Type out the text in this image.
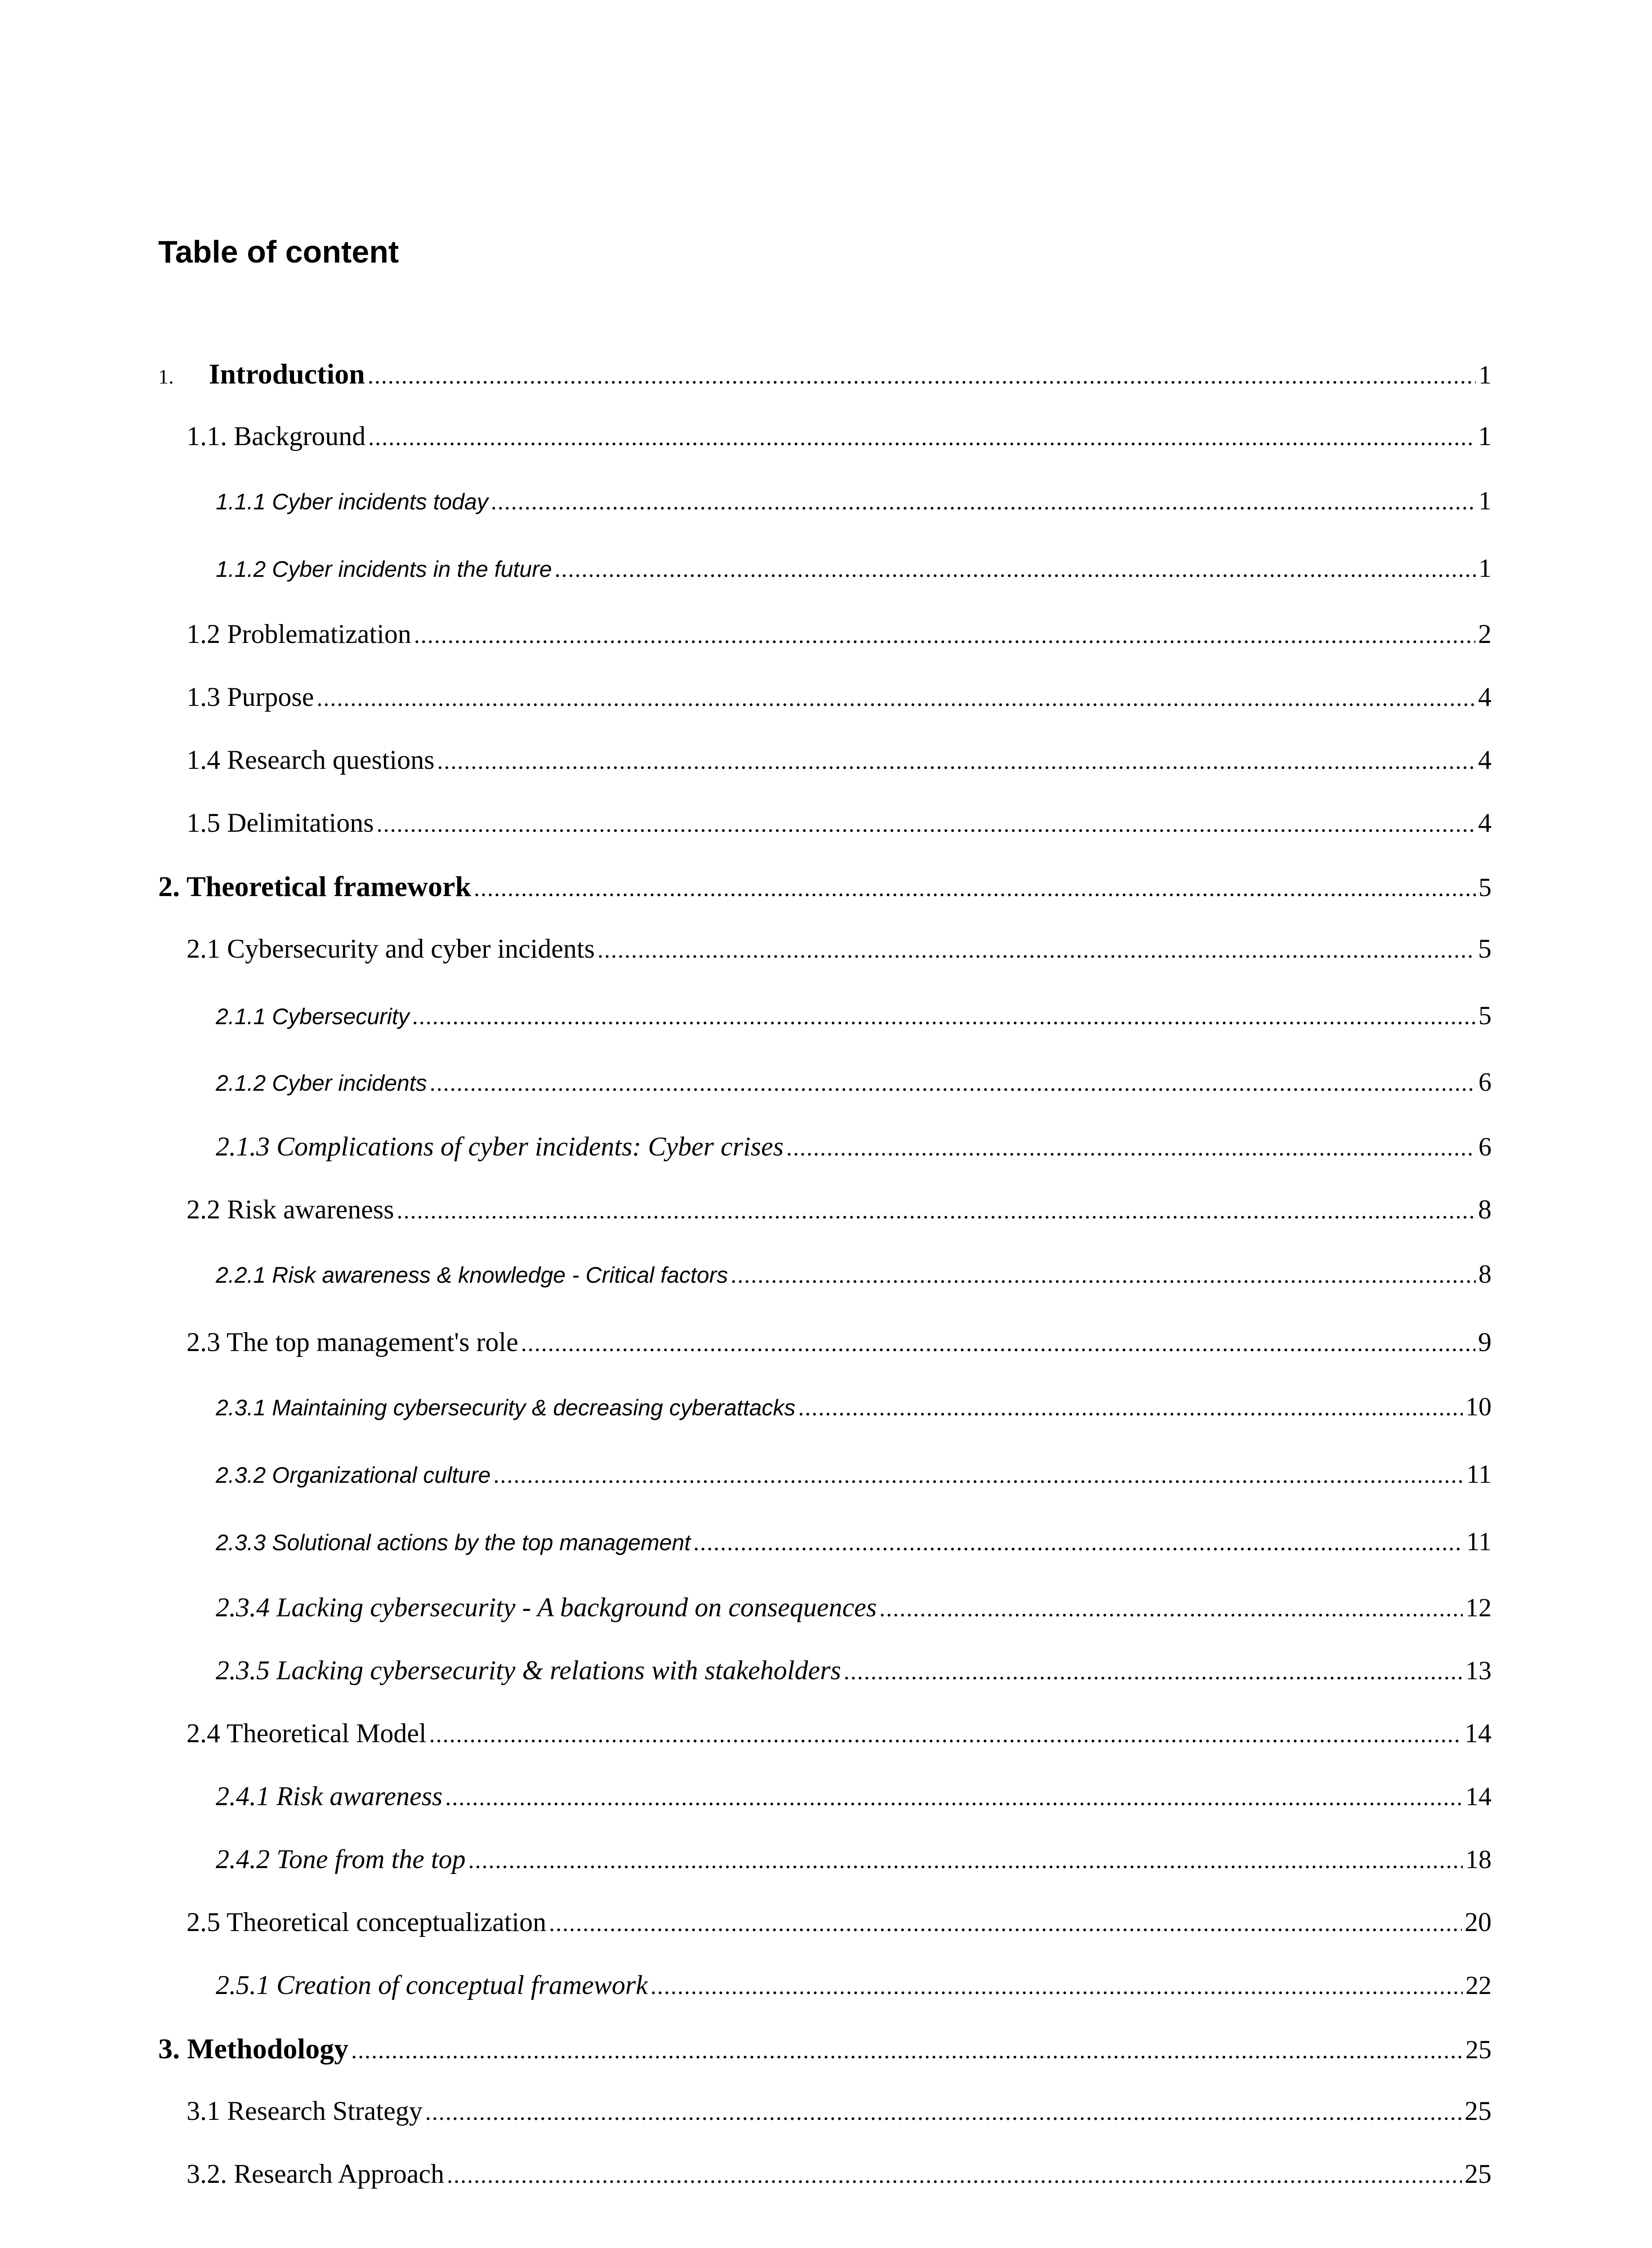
Table of content
1. Introduction .....	1
1.1. Background .....	1
1.1.1 Cyber incidents today .....	1
1.1.2 Cyber incidents in the future .....	1
1.2 Problematization .....	2
1.3 Purpose .....	4
1.4 Research questions .....	4
1.5 Delimitations .....	4
2. Theoretical framework .....	5
2.1 Cybersecurity and cyber incidents .....	5
2.1.1 Cybersecurity .....	5
2.1.2 Cyber incidents .....	6
2.1.3 Complications of cyber incidents: Cyber crises .....	6
2.2 Risk awareness .....	8
2.2.1 Risk awareness & knowledge - Critical factors .....	8
2.3 The top management's role .....	9
2.3.1 Maintaining cybersecurity & decreasing cyberattacks .....	10
2.3.2 Organizational culture .....	11
2.3.3 Solutional actions by the top management .....	11
2.3.4 Lacking cybersecurity - A background on consequences .....	12
2.3.5 Lacking cybersecurity & relations with stakeholders .....	13
2.4 Theoretical Model .....	14
2.4.1 Risk awareness .....	14
2.4.2 Tone from the top .....	18
2.5 Theoretical conceptualization .....	20
2.5.1 Creation of conceptual framework .....	22
3. Methodology .....	25
3.1 Research Strategy .....	25
3.2. Research Approach .....	25
